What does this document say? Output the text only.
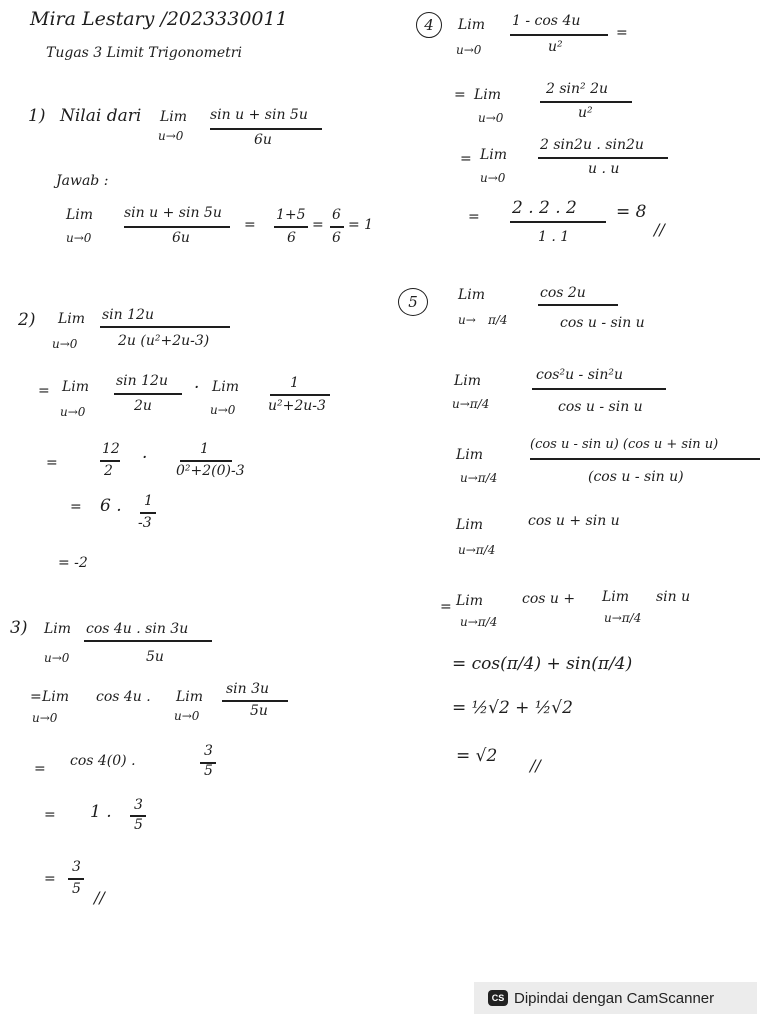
Mira Lestary /2023330011
Tugas 3 Limit Trigonometri
1) Nilai dari Lim
u→0
sin u + sin 5u
6u
Jawab :
Lim
u→0
sin u + sin 5u
6u
=
1+5
6
=
6
6
= 1
2) Lim
u→0
sin 12u
2u (u²+2u-3)
= Lim
u→0
sin 12u
2u
· Lim
u→0
1
u²+2u-3
=
12
2
·	1
0²+2(0)-3
= 6 . 1
-3
= -2
3) Lim
u→0
cos 4u . sin 3u
5u
= Lim
u→0
cos 4u . Lim
u→0
sin 3u
5u
= cos 4(0) .
3
5
= 1 . 3
5
=
3
5 //
4	Lim
u→0
1 - cos 4u
u²
=
= Lim
u→0
2 sin² 2u
u²
= Lim
u→0
2 sin2u . sin2u
u . u
= 2 . 2 . 2
1 . 1
= 8
//
5	Lim
u→ π/4
cos 2u
cos u - sin u
Lim
u→π/4
cos²u - sin²u
cos u - sin u
Lim
u→π/4
(cos u - sin u) (cos u + sin u)
(cos u - sin u)
Lim
u→π/4
cos u + sin u
= Lim
u→π/4
cos u + Lim
u→π/4
sin u
= cos(π/4) + sin(π/4)
= ½√2 + ½√2
= √2 //
CS Dipindai dengan CamScanner
